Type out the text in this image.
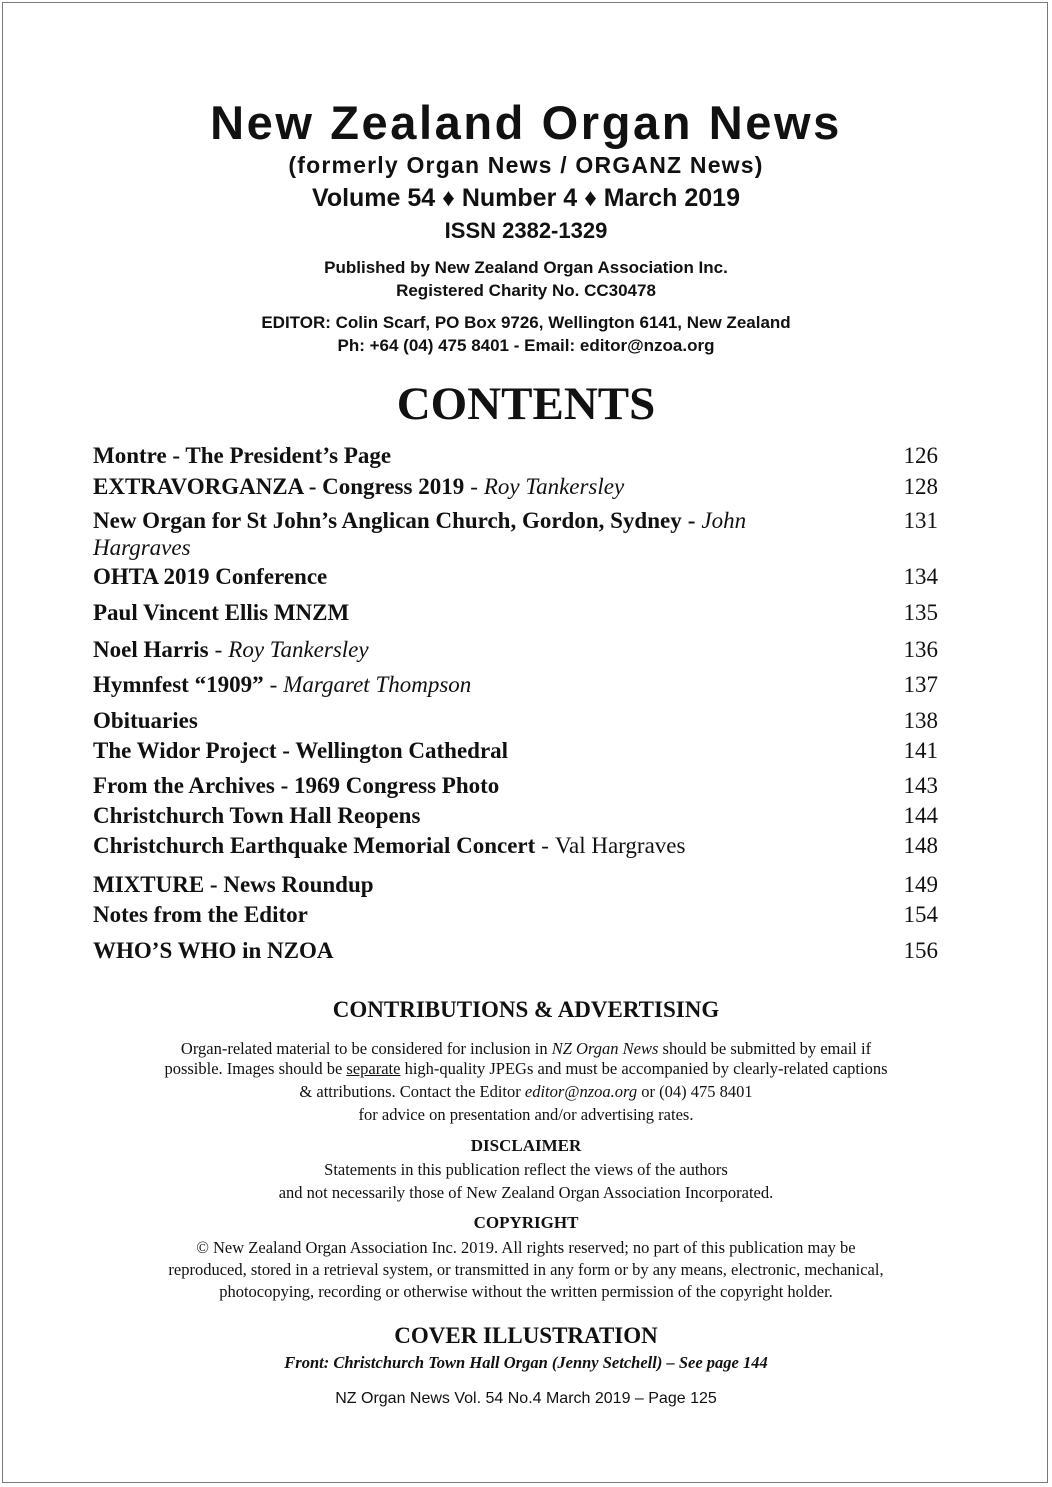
New Zealand Organ News
(formerly Organ News / ORGANZ News)
Volume 54 ♦ Number 4 ♦ March 2019
ISSN 2382-1329
Published by New Zealand Organ Association Inc.
Registered Charity No. CC30478
EDITOR: Colin Scarf, PO Box 9726, Wellington 6141, New Zealand
Ph: +64 (04) 475 8401 - Email: editor@nzoa.org
CONTENTS
Montre - The President’s Page	126
EXTRAVORGANZA - Congress 2019 - Roy Tankersley	128
New Organ for St John’s Anglican Church, Gordon, Sydney - John Hargraves
131
OHTA 2019 Conference	134
Paul Vincent Ellis MNZM	135
Noel Harris - Roy Tankersley	136
Hymnfest “1909” - Margaret Thompson	137
Obituaries	138
The Widor Project - Wellington Cathedral	141
From the Archives - 1969 Congress Photo	143
Christchurch Town Hall Reopens	144
Christchurch Earthquake Memorial Concert - Val Hargraves	148
MIXTURE - News Roundup	149
Notes from the Editor	154
WHO’S WHO in NZOA	156
CONTRIBUTIONS & ADVERTISING
Organ-related material to be considered for inclusion in NZ Organ News should be submitted by email if
possible. Images should be separate high-quality JPEGs and must be accompanied by clearly-related captions
& attributions. Contact the Editor editor@nzoa.org or (04) 475 8401
for advice on presentation and/or advertising rates.
DISCLAIMER
Statements in this publication reflect the views of the authors
and not necessarily those of New Zealand Organ Association Incorporated.
COPYRIGHT
© New Zealand Organ Association Inc. 2019. All rights reserved; no part of this publication may be
reproduced, stored in a retrieval system, or transmitted in any form or by any means, electronic, mechanical,
photocopying, recording or otherwise without the written permission of the copyright holder.
COVER ILLUSTRATION
Front: Christchurch Town Hall Organ (Jenny Setchell) – See page 144
NZ Organ News Vol. 54 No.4 March 2019 – Page 125
